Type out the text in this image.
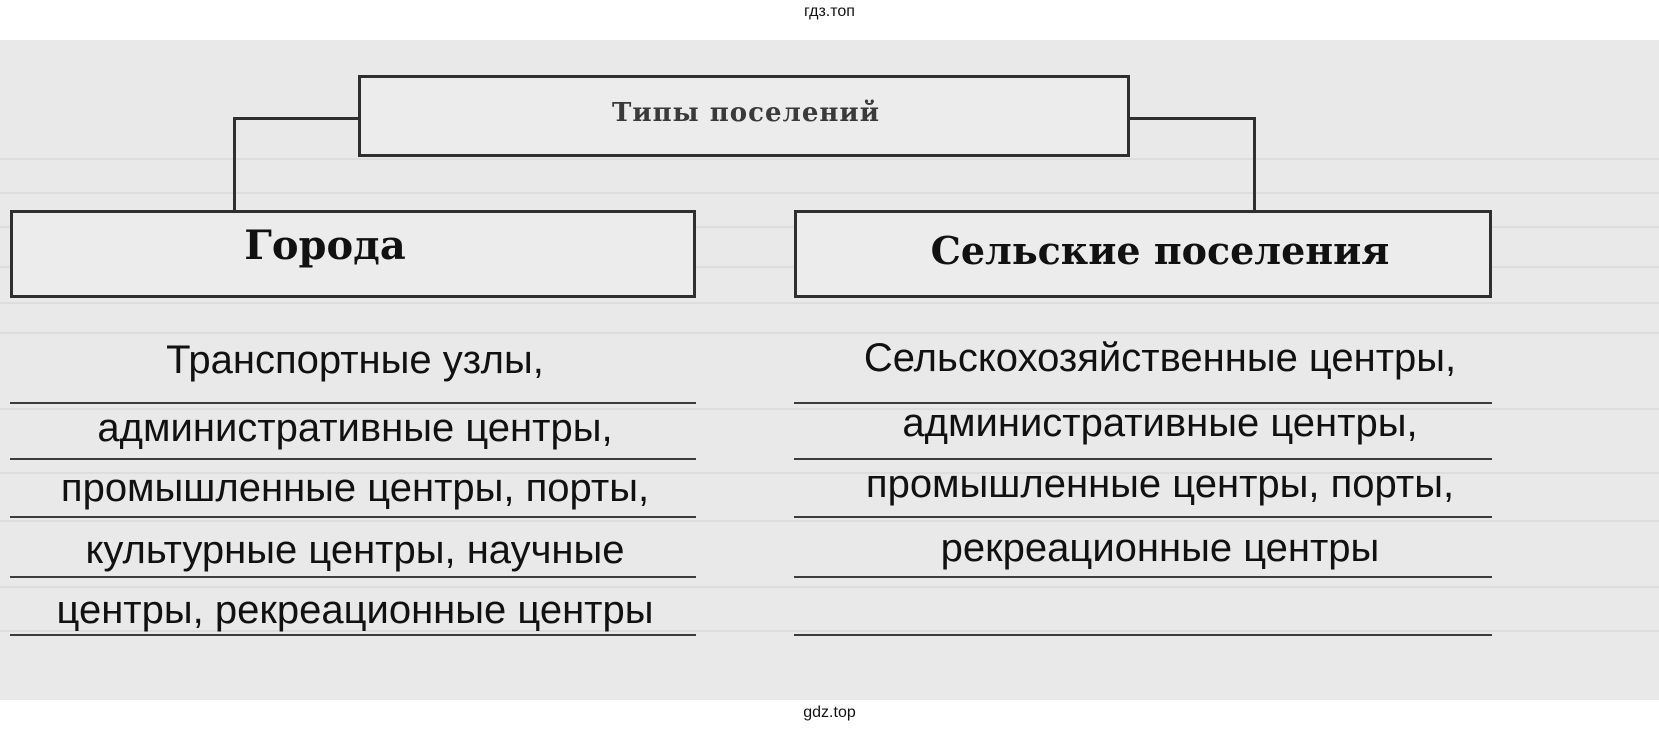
гдз.топ
Типы поселений
Города	Сельские поселения
Транспортные узлы,
административные центры,
промышленные центры, порты,
культурные центры, научные
центры, рекреационные центры
Сельскохозяйственные центры,
административные центры,
промышленные центры, порты,
рекреационные центры
gdz.top
